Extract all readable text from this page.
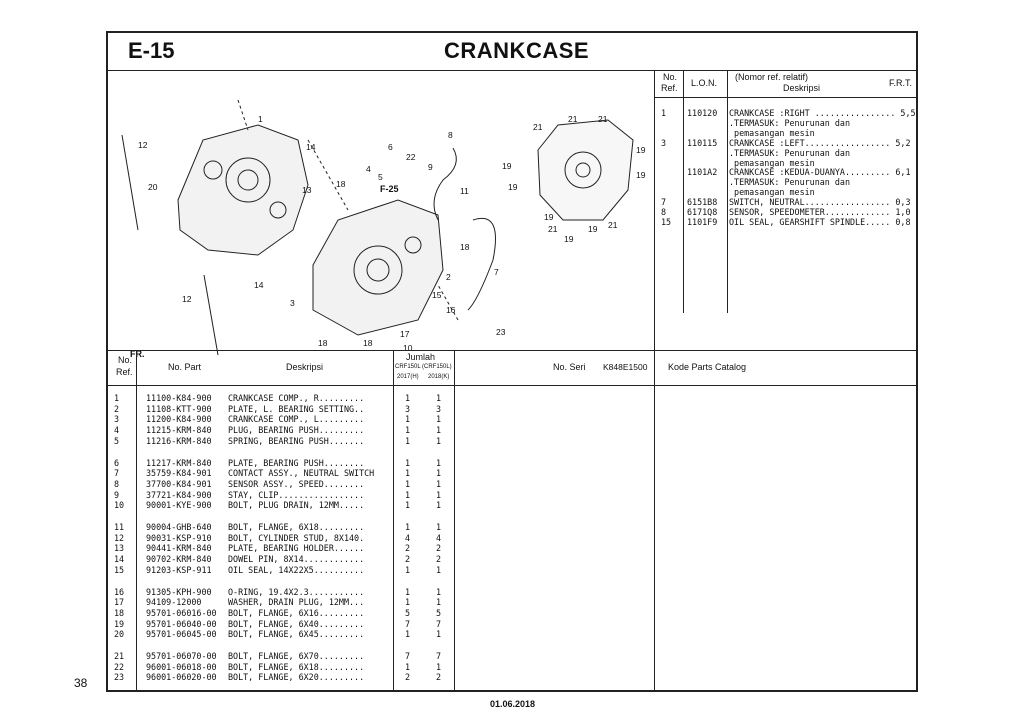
38
01.06.2018
E-15	CRANKCASE
1
12
20
14
13
18
6
4
5
22
F-25
8
9
11
12
14
3
18
2	7
15
16
17
10
23
18	18
21
21 21
19
19
19
19
19
21
19
19 21
K848E1500
FR.
No.
Ref. L.O.N.
(Nomor ref. relatif)
Deskripsi	F.R.T.
1 110120 CRANKCASE :RIGHT ................ 5,5
.TERMASUK: Penurunan dan
pemasangan mesin
3 110115 CRANKCASE :LEFT................. 5,2
.TERMASUK: Penurunan dan
pemasangan mesin
1101A2 CRANKCASE :KEDUA-DUANYA......... 6,1
.TERMASUK: Penurunan dan
pemasangan mesin
7 6151B8 SWITCH, NEUTRAL................. 0,3
8 6171Q8 SENSOR, SPEEDOMETER............. 1,0
15 1101F9 OIL SEAL, GEARSHIFT SPINDLE..... 0,8
No.
Ref.	No. Part	Deskripsi
Jumlah
CRF150L (CRF150L)
2017(H) 2018(K)
No. Seri	Kode Parts Catalog
1	11100-K84-900 CRANKCASE COMP., R.........	1	1
2	11108-KTT-900 PLATE, L. BEARING SETTING..	3	3
3	11200-K84-900 CRANKCASE COMP., L.........	1	1
4	11215-KRM-840 PLUG, BEARING PUSH.........	1	1
5	11216-KRM-840 SPRING, BEARING PUSH.......	1	1
6	11217-KRM-840 PLATE, BEARING PUSH........	1	1
7	35759-K84-901 CONTACT ASSY., NEUTRAL SWITCH	1	1
8	37700-K84-901 SENSOR ASSY., SPEED........	1	1
9	37721-K84-900 STAY, CLIP.................	1	1
10	90001-KYE-900 BOLT, PLUG DRAIN, 12MM.....	1	1
11	90004-GHB-640 BOLT, FLANGE, 6X18.........	1	1
12	90031-KSP-910 BOLT, CYLINDER STUD, 8X140.	4	4
13	90441-KRM-840 PLATE, BEARING HOLDER......	2	2
14	90702-KRM-840 DOWEL PIN, 8X14............	2	2
15	91203-KSP-911 OIL SEAL, 14X22X5..........	1	1
16	91305-KPH-900 O-RING, 19.4X2.3...........	1	1
17	94109-12000	WASHER, DRAIN PLUG, 12MM...	1	1
18	95701-06016-00 BOLT, FLANGE, 6X16.........	5	5
19	95701-06040-00 BOLT, FLANGE, 6X40.........	7	7
20	95701-06045-00 BOLT, FLANGE, 6X45.........	1	1
21	95701-06070-00 BOLT, FLANGE, 6X70.........	7	7
22	96001-06018-00 BOLT, FLANGE, 6X18.........	1	1
23	96001-06020-00 BOLT, FLANGE, 6X20.........	2	2
